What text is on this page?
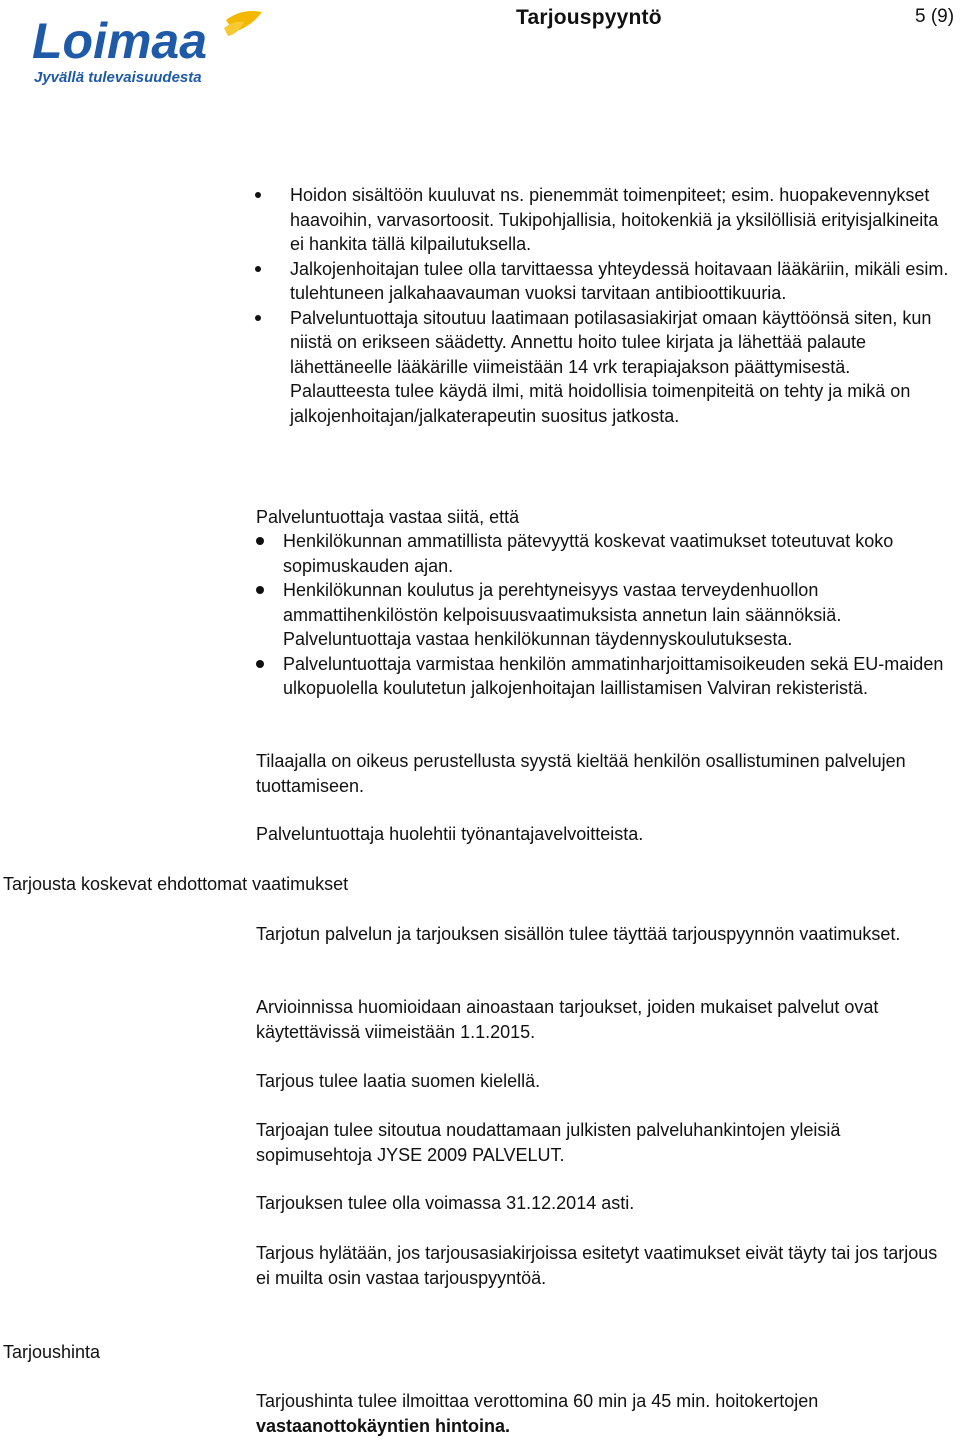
Loimaa
Jyvällä tulevaisuudesta
Tarjouspyyntö	5 (9)
Hoidon sisältöön kuuluvat ns. pienemmät toimenpiteet; esim. huopakevennykset haavoihin, varvasortoosit. Tukipohjallisia, hoitokenkiä ja yksilöllisiä erityisjalkineita ei hankita tällä kilpailutuksella.
Jalkojenhoitajan tulee olla tarvittaessa yhteydessä hoitavaan lääkäriin, mikäli esim. tulehtuneen jalkahaavauman vuoksi tarvitaan antibioottikuuria.
Palveluntuottaja sitoutuu laatimaan potilasasiakirjat omaan käyttöönsä siten, kun niistä on erikseen säädetty. Annettu hoito tulee kirjata ja lähettää palaute lähettäneelle lääkärille viimeistään 14 vrk terapiajakson päättymisestä. Palautteesta tulee käydä ilmi, mitä hoidollisia toimenpiteitä on tehty ja mikä on jalkojenhoitajan/jalkaterapeutin suositus jatkosta.
Palveluntuottaja vastaa siitä, että
Henkilökunnan ammatillista pätevyyttä koskevat vaatimukset toteutuvat koko sopimuskauden ajan.
Henkilökunnan koulutus ja perehtyneisyys vastaa terveydenhuollon ammattihenkilöstön kelpoisuusvaatimuksista annetun lain säännöksiä. Palveluntuottaja vastaa henkilökunnan täydennyskoulutuksesta.
Palveluntuottaja varmistaa henkilön ammatinharjoittamisoikeuden sekä EU-maiden ulkopuolella koulutetun jalkojenhoitajan laillistamisen Valviran rekisteristä.
Tilaajalla on oikeus perustellusta syystä kieltää henkilön osallistuminen palvelujen tuottamiseen.
Palveluntuottaja huolehtii työnantajavelvoitteista.
Tarjousta koskevat ehdottomat vaatimukset
Tarjotun palvelun ja tarjouksen sisällön tulee täyttää tarjouspyynnön vaatimukset.
Arvioinnissa huomioidaan ainoastaan tarjoukset, joiden mukaiset palvelut ovat käytettävissä viimeistään 1.1.2015.
Tarjous tulee laatia suomen kielellä.
Tarjoajan tulee sitoutua noudattamaan julkisten palveluhankintojen yleisiä sopimusehtoja JYSE 2009 PALVELUT.
Tarjouksen tulee olla voimassa 31.12.2014 asti.
Tarjous hylätään, jos tarjousasiakirjoissa esitetyt vaatimukset eivät täyty tai jos tarjous ei muilta osin vastaa tarjouspyyntöä.
Tarjoushinta
Tarjoushinta tulee ilmoittaa verottomina 60 min ja 45 min. hoitokertojen vastaanottokäyntien hintoina.
